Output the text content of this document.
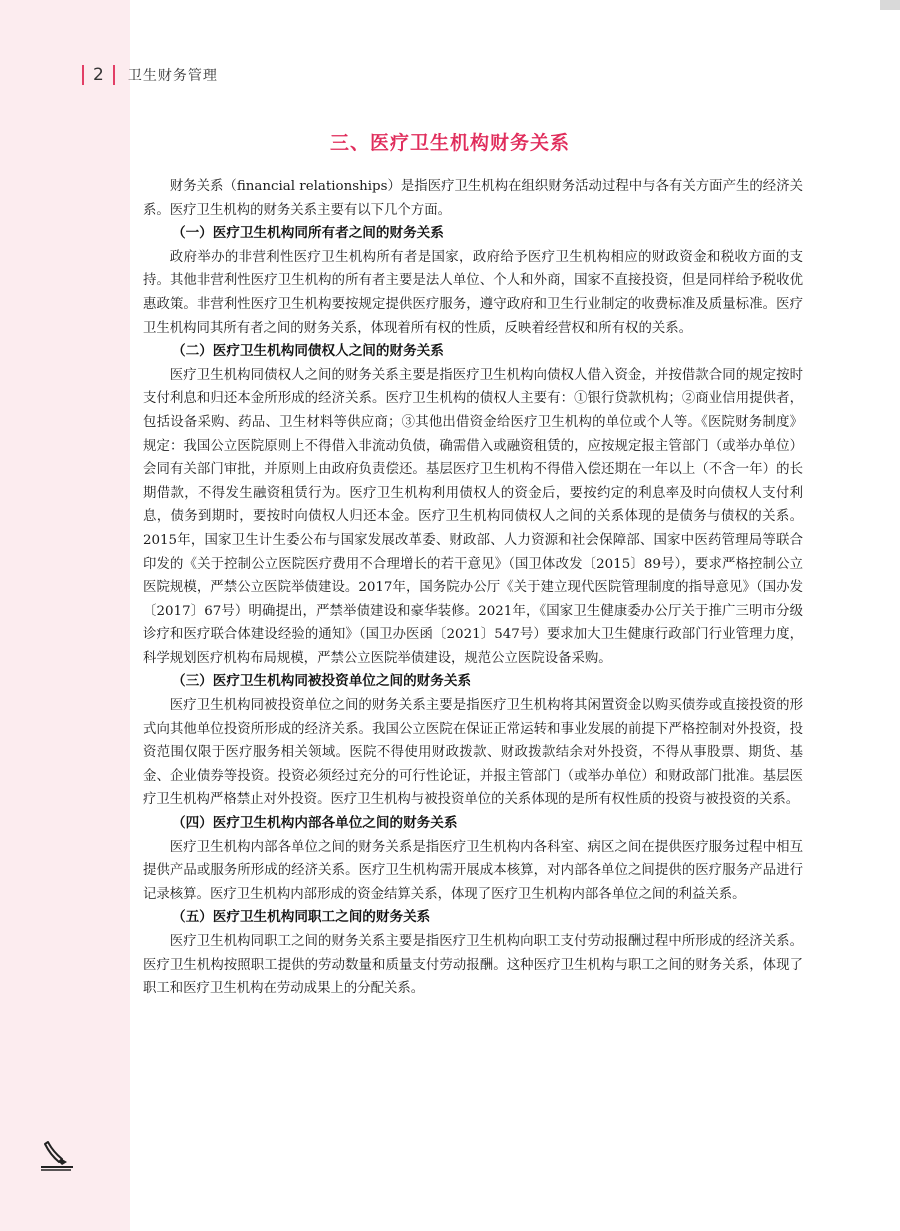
2	卫生财务管理
三、医疗卫生机构财务关系

财务关系（financial relationships）是指医疗卫生机构在组织财务活动过程中与各有关方面产生的经济关系。医疗卫生机构的财务关系主要有以下几个方面。

（一）医疗卫生机构同所有者之间的财务关系

政府举办的非营利性医疗卫生机构所有者是国家，政府给予医疗卫生机构相应的财政资金和税收方面的支持。其他非营利性医疗卫生机构的所有者主要是法人单位、个人和外商，国家不直接投资，但是同样给予税收优惠政策。非营利性医疗卫生机构要按规定提供医疗服务，遵守政府和卫生行业制定的收费标准及质量标准。医疗卫生机构同其所有者之间的财务关系，体现着所有权的性质，反映着经营权和所有权的关系。

（二）医疗卫生机构同债权人之间的财务关系

医疗卫生机构同债权人之间的财务关系主要是指医疗卫生机构向债权人借入资金，并按借款合同的规定按时支付利息和归还本金所形成的经济关系。医疗卫生机构的债权人主要有：①银行贷款机构；②商业信用提供者，包括设备采购、药品、卫生材料等供应商；③其他出借资金给医疗卫生机构的单位或个人等。《医院财务制度》规定：我国公立医院原则上不得借入非流动负债，确需借入或融资租赁的，应按规定报主管部门（或举办单位）会同有关部门审批，并原则上由政府负责偿还。基层医疗卫生机构不得借入偿还期在一年以上（不含一年）的长期借款，不得发生融资租赁行为。医疗卫生机构利用债权人的资金后，要按约定的利息率及时向债权人支付利息，债务到期时，要按时向债权人归还本金。医疗卫生机构同债权人之间的关系体现的是债务与债权的关系。2015年，国家卫生计生委公布与国家发展改革委、财政部、人力资源和社会保障部、国家中医药管理局等联合印发的《关于控制公立医院医疗费用不合理增长的若干意见》（国卫体改发〔2015〕89号），要求严格控制公立医院规模，严禁公立医院举债建设。2017年，国务院办公厅《关于建立现代医院管理制度的指导意见》（国办发〔2017〕67号）明确提出，严禁举债建设和豪华装修。2021年，《国家卫生健康委办公厅关于推广三明市分级诊疗和医疗联合体建设经验的通知》（国卫办医函〔2021〕547号）要求加大卫生健康行政部门行业管理力度，科学规划医疗机构布局规模，严禁公立医院举债建设，规范公立医院设备采购。

（三）医疗卫生机构同被投资单位之间的财务关系

医疗卫生机构同被投资单位之间的财务关系主要是指医疗卫生机构将其闲置资金以购买债券或直接投资的形式向其他单位投资所形成的经济关系。我国公立医院在保证正常运转和事业发展的前提下严格控制对外投资，投资范围仅限于医疗服务相关领域。医院不得使用财政拨款、财政拨款结余对外投资，不得从事股票、期货、基金、企业债券等投资。投资必须经过充分的可行性论证，并报主管部门（或举办单位）和财政部门批准。基层医疗卫生机构严格禁止对外投资。医疗卫生机构与被投资单位的关系体现的是所有权性质的投资与被投资的关系。

（四）医疗卫生机构内部各单位之间的财务关系

医疗卫生机构内部各单位之间的财务关系是指医疗卫生机构内各科室、病区之间在提供医疗服务过程中相互提供产品或服务所形成的经济关系。医疗卫生机构需开展成本核算，对内部各单位之间提供的医疗服务产品进行记录核算。医疗卫生机构内部形成的资金结算关系，体现了医疗卫生机构内部各单位之间的利益关系。

（五）医疗卫生机构同职工之间的财务关系

医疗卫生机构同职工之间的财务关系主要是指医疗卫生机构向职工支付劳动报酬过程中所形成的经济关系。医疗卫生机构按照职工提供的劳动数量和质量支付劳动报酬。这种医疗卫生机构与职工之间的财务关系，体现了职工和医疗卫生机构在劳动成果上的分配关系。
